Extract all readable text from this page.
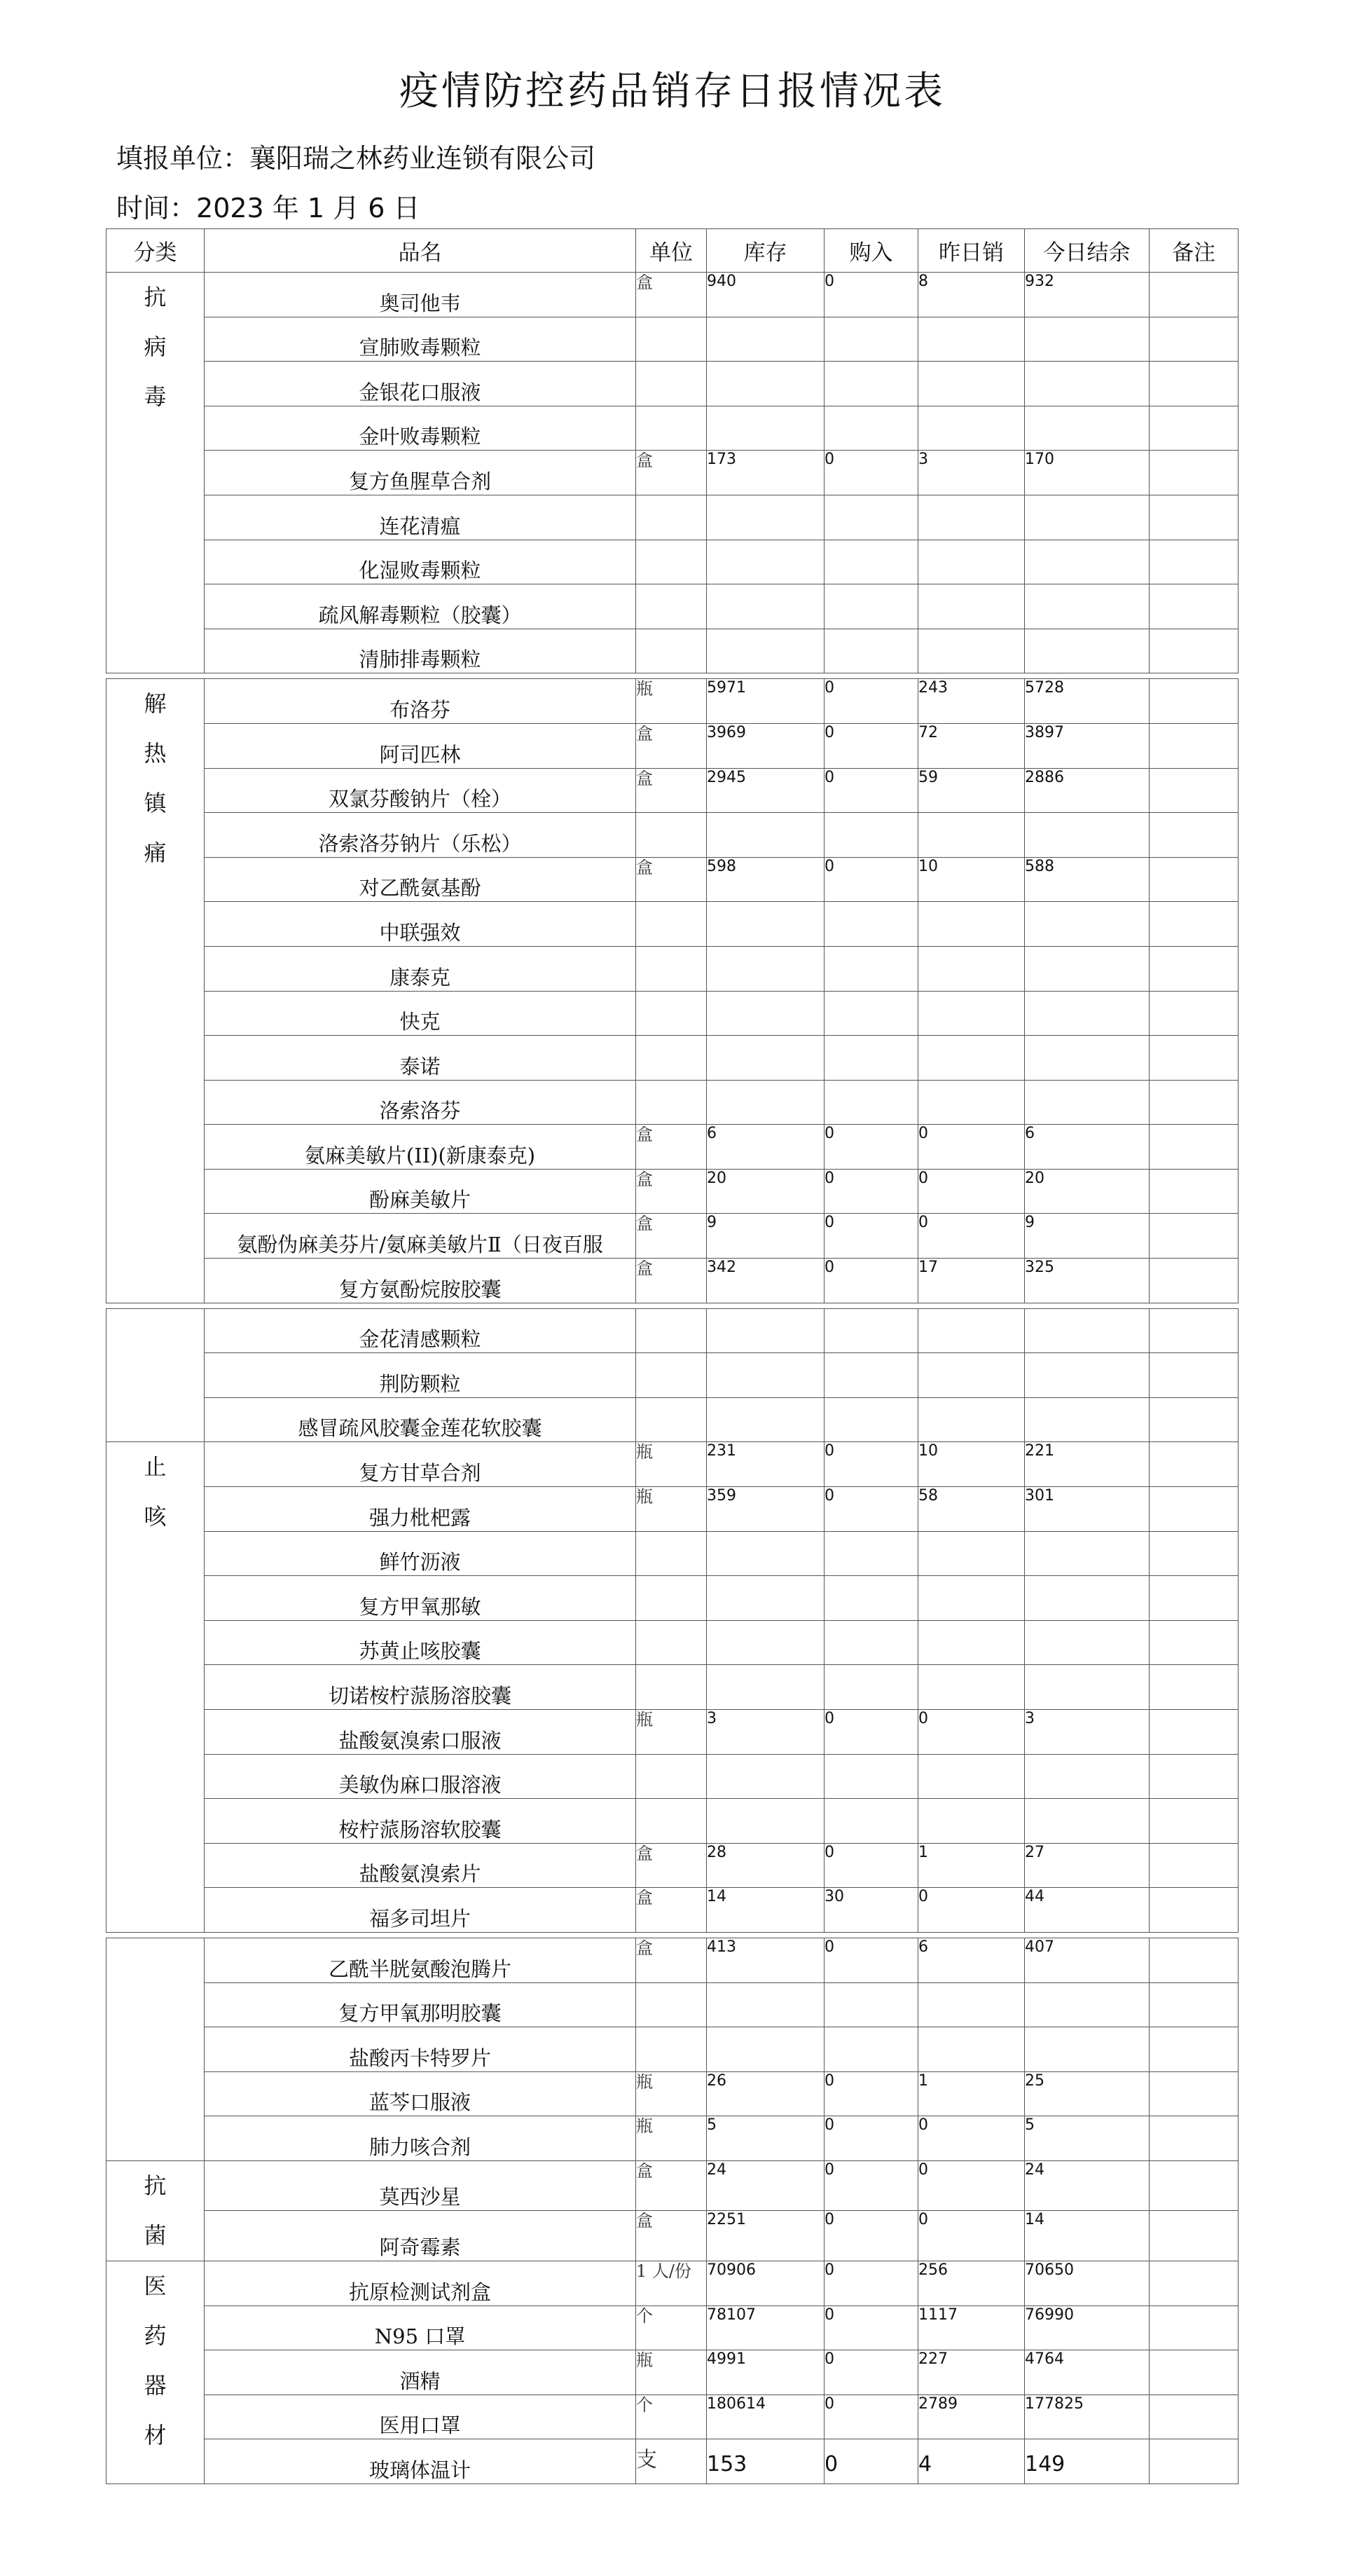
疫情防控药品销存日报情况表
填报单位：襄阳瑞之林药业连锁有限公司
时间：2023 年 1 月 6 日
分类	品名	单位	库存	购入	昨日销	今日结余	备注

抗
病
毒	奥司他韦	盒	940	0	8	932	
	宣肺败毒颗粒						
	金银花口服液						
	金叶败毒颗粒						
	复方鱼腥草合剂	盒	173	0	3	170	
	连花清瘟						
	化湿败毒颗粒						
	疏风解毒颗粒（胶囊）						
	清肺排毒颗粒						

解
热
镇
痛	布洛芬	瓶	5971	0	243	5728	
	阿司匹林	盒	3969	0	72	3897	
	双氯芬酸钠片（栓）	盒	2945	0	59	2886	
	洛索洛芬钠片（乐松）						
	对乙酰氨基酚	盒	598	0	10	588	
	中联强效						
	康泰克						
	快克						
	泰诺						
	洛索洛芬						
	氨麻美敏片(II)(新康泰克)	盒	6	0	0	6	
	酚麻美敏片	盒	20	0	0	20	
	氨酚伪麻美芬片/氨麻美敏片Ⅱ（日夜百服	盒	9	0	0	9	
	复方氨酚烷胺胶囊	盒	342	0	17	325	

	金花清感颗粒						
	荆防颗粒						
	感冒疏风胶囊金莲花软胶囊						

止
咳	复方甘草合剂	瓶	231	0	10	221	
	强力枇杷露	瓶	359	0	58	301	
	鲜竹沥液						
	复方甲氧那敏						
	苏黄止咳胶囊						
	切诺桉柠蒎肠溶胶囊						
	盐酸氨溴索口服液	瓶	3	0	0	3	
	美敏伪麻口服溶液						
	桉柠蒎肠溶软胶囊						
	盐酸氨溴索片	盒	28	0	1	27	
	福多司坦片	盒	14	30	0	44	

	乙酰半胱氨酸泡腾片	盒	413	0	6	407	
	复方甲氧那明胶囊						
	盐酸丙卡特罗片						
	蓝芩口服液	瓶	26	0	1	25	
	肺力咳合剂	瓶	5	0	0	5	

抗
菌	莫西沙星	盒	24	0	0	24	
	阿奇霉素	盒	2251	0	0	14	

医
药
器
材	抗原检测试剂盒	1 人/份	70906	0	256	70650	
	N95 口罩	个	78107	0	1117	76990	
	酒精	瓶	4991	0	227	4764	
	医用口罩	个	180614	0	2789	177825	
	玻璃体温计	支	153	0	4	149	
